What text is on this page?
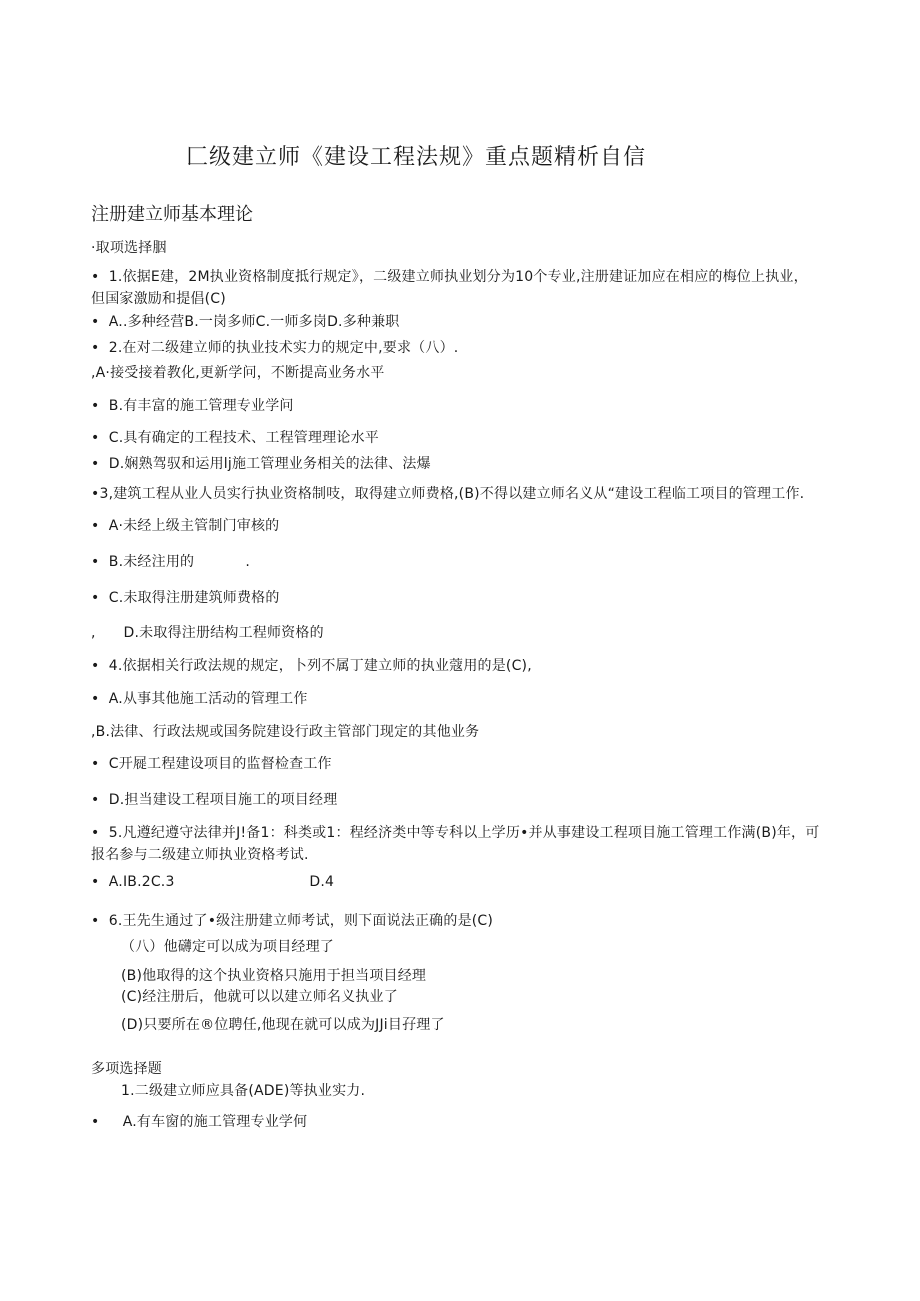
匚级建立师《建设工程法规》重点题精析自信
注册建立师基本理论
·取项选择胭
•  1.依据E建，2M执业资格制度抵行规定》，二级建立师执业划分为10个专业,注册建证加应在相应的梅位上执业，但国家激励和提倡(C)
•  A..多种经营B.一岗多师C.一师多岗D.多种兼职
•  2.在对二级建立师的执业技术实力的规定中,要求（八）.
,A·接受接着教化,更新学问，不断提高业务水平
•  B.有丰富的施工管理专业学问
•  C.具有确定的工程技术、工程管理理论水平
•  D.娴熟驾驭和运用lj施工管理业务相关的法律、法爆
•3,建筑工程从业人员实行执业资格制吱，取得建立师费格,(B)不得以建立师名义从“建设工程临工项目的管理工作.
•  A·未经上级主管制门审核的
•  B.未经注用的           .
•  C.未取得注册建筑师费格的
,      D.未取得注册结构工程师资格的
•  4.依据相关行政法规的规定，卜列不属丁建立师的执业蔻用的是(C),
•  A.从事其他施工活动的管理工作
,B.法律、行政法规或国务院建设行政主管部门现定的其他业务
•  C开屣工程建设项目的监督检查工作
•  D.担当建设工程项目施工的项目经理
•  5.凡遵纪遵守法律并J!备1：科类或1：程经济类中等专科以上学历•并从事建设工程项目施工管理工作满(B)年，可报名参与二级建立师执业资格考试.
•  A.IB.2C.3                             D.4
•  6.王先生通过了•级注册建立师考试，则下面说法正确的是(C)
（八）他礴定可以成为项目经理了
(B)他取得的这个执业资格只施用于担当项目经理
(C)经注册后，他就可以以建立师名义执业了
(D)只要所在®位聘任,他现在就可以成为JJi目孖理了
多项选择题
1.二级建立师应具备(ADE)等执业实力.
•     A.有车窗的施工管理专业学何
